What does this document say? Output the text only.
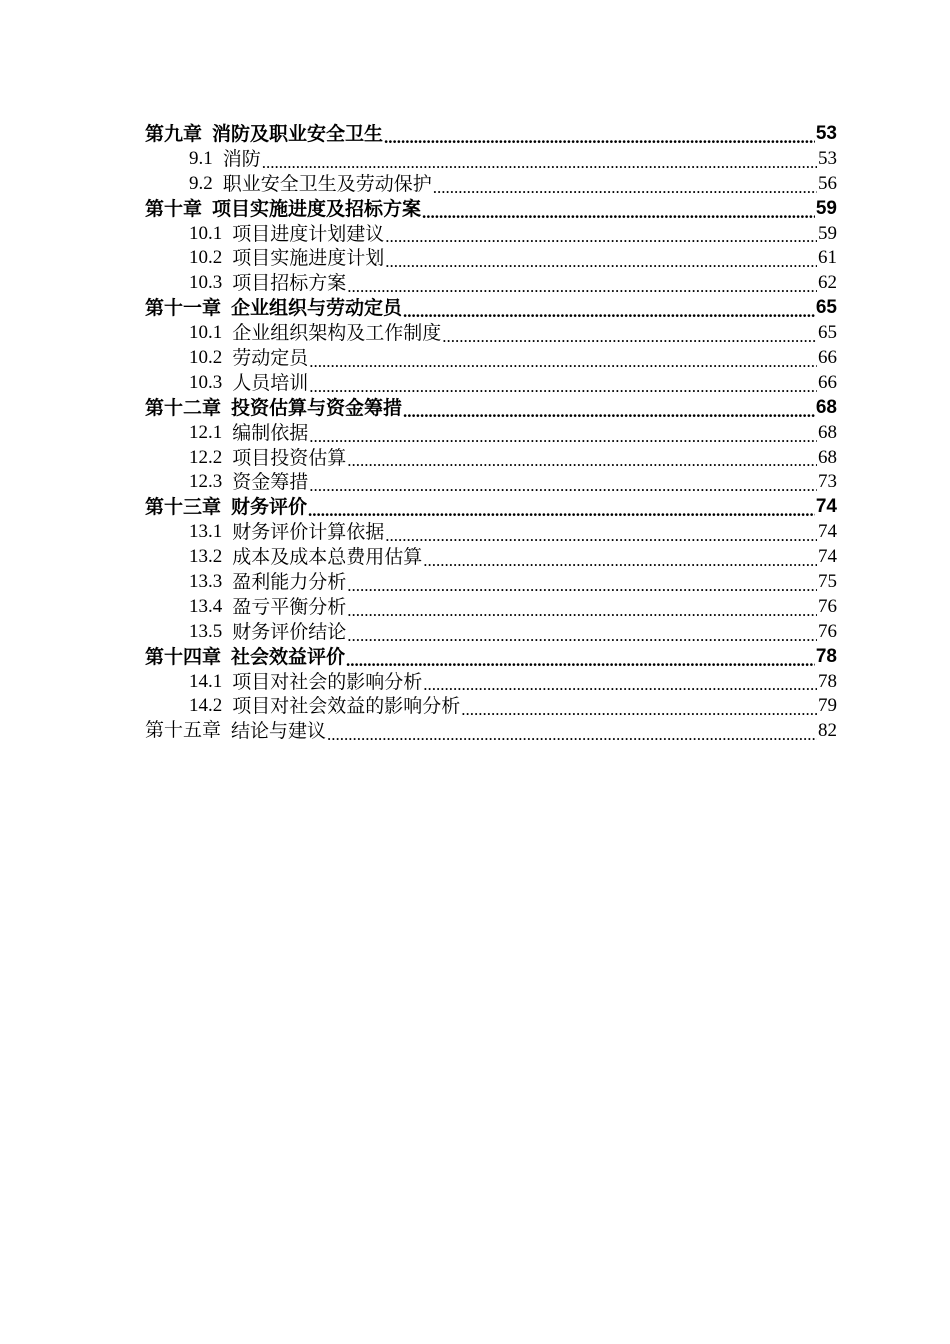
第九章 消防及职业安全卫生 .....	53
9.1 消防 .....	53
9.2 职业安全卫生及劳动保护 .....	56
第十章 项目实施进度及招标方案 .....	59
10.1 项目进度计划建议 .....	59
10.2 项目实施进度计划 .....	61
10.3 项目招标方案 .....	62
第十一章 企业组织与劳动定员 .....	65
10.1 企业组织架构及工作制度 .....	65
10.2 劳动定员 .....	66
10.3 人员培训 .....	66
第十二章 投资估算与资金筹措 .....	68
12.1 编制依据 .....	68
12.2 项目投资估算 .....	68
12.3 资金筹措 .....	73
第十三章 财务评价 .....	74
13.1 财务评价计算依据 .....	74
13.2 成本及成本总费用估算 .....	74
13.3 盈利能力分析 .....	75
13.4 盈亏平衡分析 .....	76
13.5 财务评价结论 .....	76
第十四章 社会效益评价 .....	78
14.1 项目对社会的影响分析 .....	78
14.2 项目对社会效益的影响分析 .....	79
第十五章 结论与建议 .....	82
